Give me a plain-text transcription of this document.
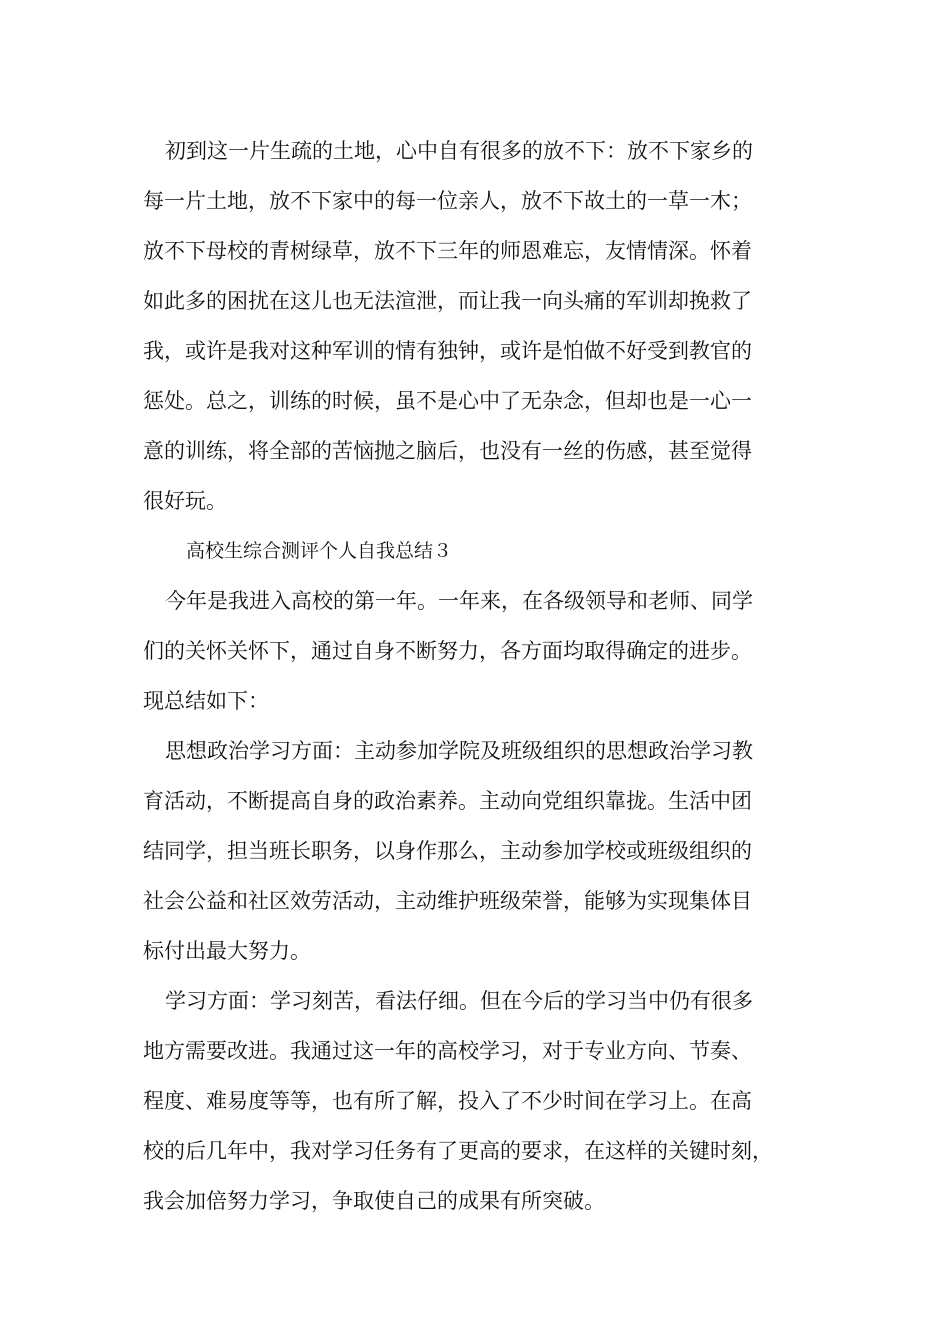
初到这一片生疏的土地，心中自有很多的放不下：放不下家乡的
每一片土地，放不下家中的每一位亲人，放不下故土的一草一木；
放不下母校的青树绿草，放不下三年的师恩难忘，友情情深。怀着
如此多的困扰在这儿也无法渲泄，而让我一向头痛的军训却挽救了
我，或许是我对这种军训的情有独钟，或许是怕做不好受到教官的
惩处。总之，训练的时候，虽不是心中了无杂念，但却也是一心一
意的训练，将全部的苦恼抛之脑后，也没有一丝的伤感，甚至觉得
很好玩。
高校生综合测评个人自我总结３
今年是我进入高校的第一年。一年来，在各级领导和老师、同学
们的关怀关怀下，通过自身不断努力，各方面均取得确定的进步。
现总结如下：
思想政治学习方面：主动参加学院及班级组织的思想政治学习教
育活动，不断提高自身的政治素养。主动向党组织靠拢。生活中团
结同学，担当班长职务，以身作那么，主动参加学校或班级组织的
社会公益和社区效劳活动，主动维护班级荣誉，能够为实现集体目
标付出最大努力。
学习方面：学习刻苦，看法仔细。但在今后的学习当中仍有很多
地方需要改进。我通过这一年的高校学习，对于专业方向、节奏、
程度、难易度等等，也有所了解，投入了不少时间在学习上。在高
校的后几年中，我对学习任务有了更高的要求，在这样的关键时刻，
我会加倍努力学习，争取使自己的成果有所突破。
